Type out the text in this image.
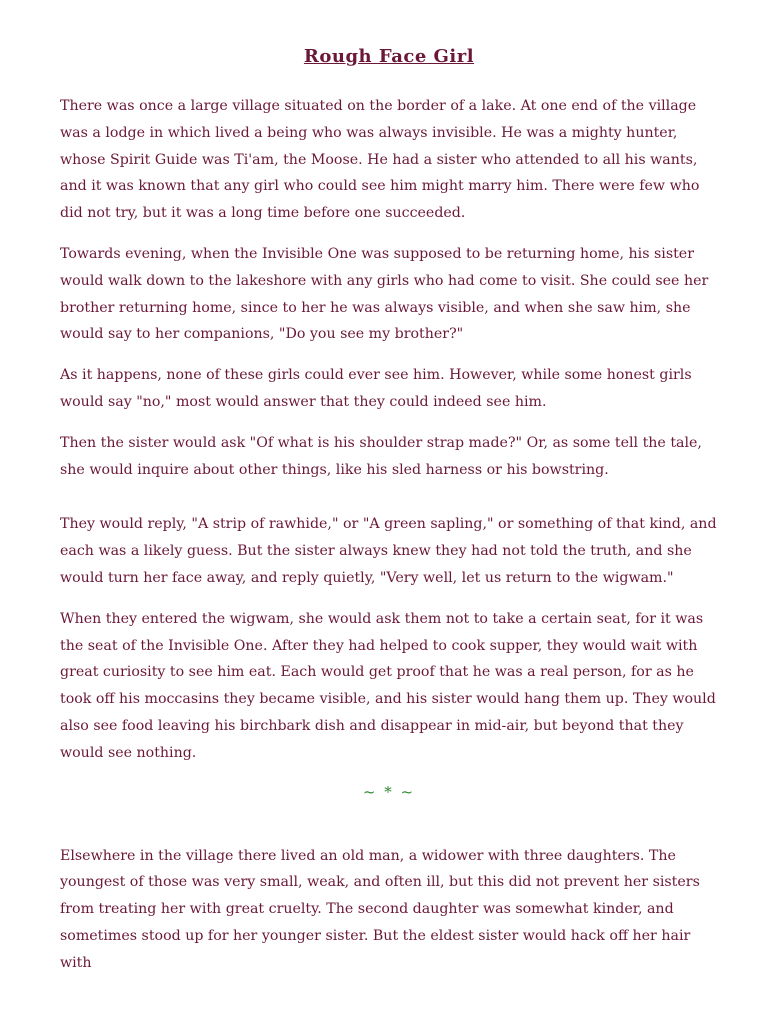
Rough Face Girl

There was once a large village situated on the border of a lake. At one end of the village was a lodge in which lived a being who was always invisible. He was a mighty hunter, whose Spirit Guide was Ti'am, the Moose. He had a sister who attended to all his wants, and it was known that any girl who could see him might marry him. There were few who did not try, but it was a long time before one succeeded.

Towards evening, when the Invisible One was supposed to be returning home, his sister would walk down to the lakeshore with any girls who had come to visit. She could see her brother returning home, since to her he was always visible, and when she saw him, she would say to her companions, "Do you see my brother?"

As it happens, none of these girls could ever see him. However, while some honest girls would say "no," most would answer that they could indeed see him.

Then the sister would ask "Of what is his shoulder strap made?" Or, as some tell the tale, she would inquire about other things, like his sled harness or his bowstring.

They would reply, "A strip of rawhide," or "A green sapling," or something of that kind, and each was a likely guess. But the sister always knew they had not told the truth, and she would turn her face away, and reply quietly, "Very well, let us return to the wigwam."

When they entered the wigwam, she would ask them not to take a certain seat, for it was the seat of the Invisible One. After they had helped to cook supper, they would wait with great curiosity to see him eat. Each would get proof that he was a real person, for as he took off his moccasins they became visible, and his sister would hang them up. They would also see food leaving his birchbark dish and disappear in mid-air, but beyond that they would see nothing.

~ * ~

Elsewhere in the village there lived an old man, a widower with three daughters. The youngest of those was very small, weak, and often ill, but this did not prevent her sisters from treating her with great cruelty. The second daughter was somewhat kinder, and sometimes stood up for her younger sister. But the eldest sister would hack off her hair with
